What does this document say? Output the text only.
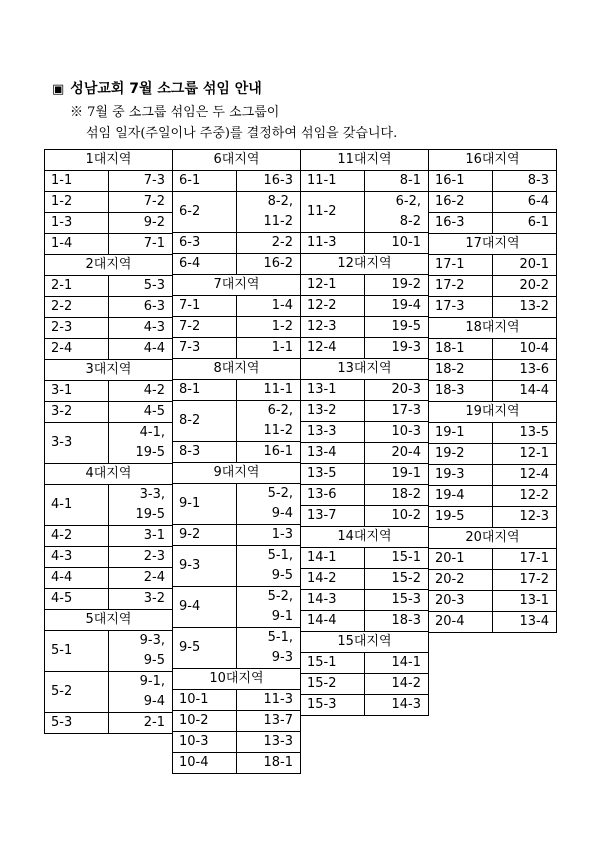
▣ 성남교회 7월 소그룹 섞임 안내
※ 7월 중 소그룹 섞임은 두 소그룹이
섞임 일자(주일이나 주중)를 결정하여 섞임을 갖습니다.
1대지역	
1-1	7-3
1-2	7-2
1-3	9-2
1-4	7-1
2대지역	
2-1	5-3
2-2	6-3
2-3	4-3
2-4	4-4
3대지역	
3-1	4-2
3-2	4-5
3-3	4-1,
	19-5
4대지역	
4-1	3-3,
	19-5
4-2	3-1
4-3	2-3
4-4	2-4
4-5	3-2
5대지역	
5-1	9-3,
	9-5
5-2	9-1,
	9-4
5-3	2-1
6대지역	
6-1	16-3
6-2	8-2,
	11-2
6-3	2-2
6-4	16-2
7대지역	
7-1	1-4
7-2	1-2
7-3	1-1
8대지역	
8-1	11-1
8-2	6-2,
	11-2
8-3	16-1
9대지역	
9-1	5-2,
	9-4
9-2	1-3
9-3	5-1,
	9-5
9-4	5-2,
	9-1
9-5	5-1,
	9-3
10대지역	
10-1	11-3
10-2	13-7
10-3	13-3
10-4	18-1
11대지역	
11-1	8-1
11-2	6-2,
	8-2
11-3	10-1
12대지역	
12-1	19-2
12-2	19-4
12-3	19-5
12-4	19-3
13대지역	
13-1	20-3
13-2	17-3
13-3	10-3
13-4	20-4
13-5	19-1
13-6	18-2
13-7	10-2
14대지역	
14-1	15-1
14-2	15-2
14-3	15-3
14-4	18-3
15대지역	
15-1	14-1
15-2	14-2
15-3	14-3
16대지역	
16-1	8-3
16-2	6-4
16-3	6-1
17대지역	
17-1	20-1
17-2	20-2
17-3	13-2
18대지역	
18-1	10-4
18-2	13-6
18-3	14-4
19대지역	
19-1	13-5
19-2	12-1
19-3	12-4
19-4	12-2
19-5	12-3
20대지역	
20-1	17-1
20-2	17-2
20-3	13-1
20-4	13-4
